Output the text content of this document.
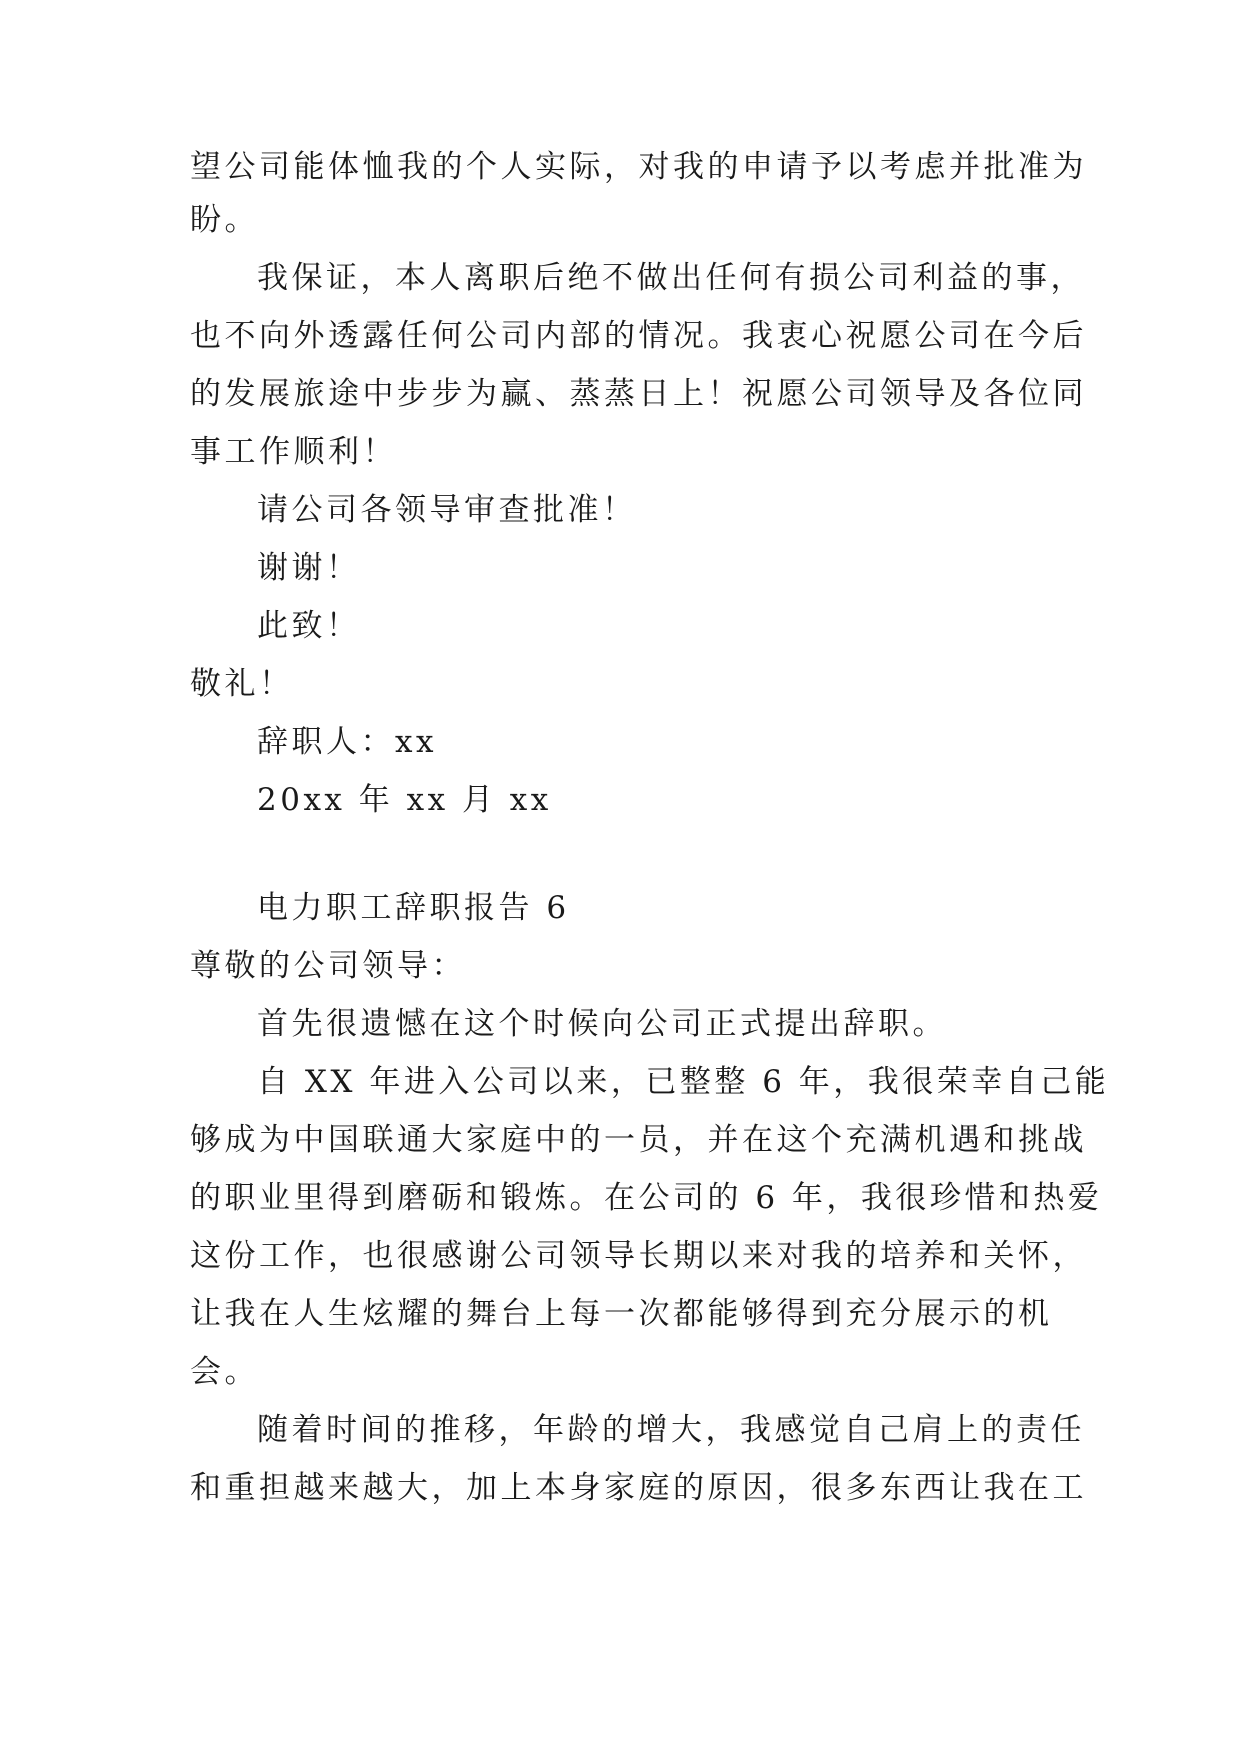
望公司能体恤我的个人实际，对我的申请予以考虑并批准为
盼。
我保证，本人离职后绝不做出任何有损公司利益的事，
也不向外透露任何公司内部的情况。我衷心祝愿公司在今后
的发展旅途中步步为赢、蒸蒸日上！祝愿公司领导及各位同
事工作顺利！
请公司各领导审查批准！
谢谢！
此致！
敬礼！
辞职人：xx
20xx 年 xx 月 xx
电力职工辞职报告 6
尊敬的公司领导：
首先很遗憾在这个时候向公司正式提出辞职。
自 XX 年进入公司以来，已整整 6 年，我很荣幸自己能
够成为中国联通大家庭中的一员，并在这个充满机遇和挑战
的职业里得到磨砺和锻炼。在公司的 6 年，我很珍惜和热爱
这份工作，也很感谢公司领导长期以来对我的培养和关怀，
让我在人生炫耀的舞台上每一次都能够得到充分展示的机
会。
随着时间的推移，年龄的增大，我感觉自己肩上的责任
和重担越来越大，加上本身家庭的原因，很多东西让我在工
